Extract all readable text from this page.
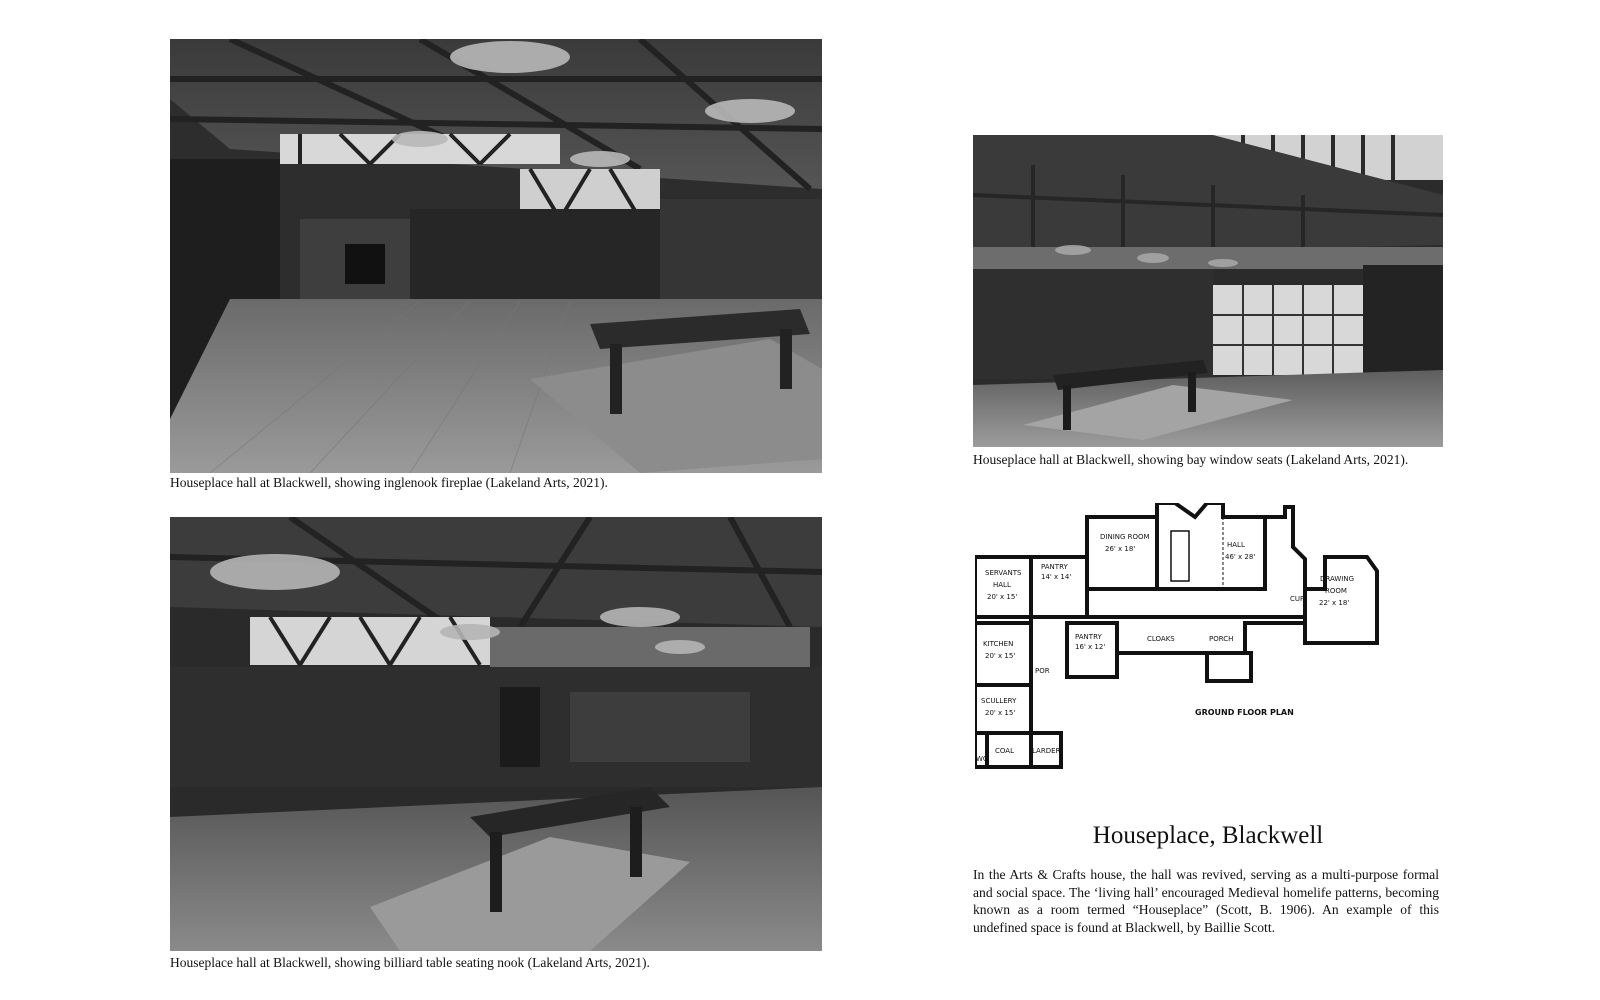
Houseplace hall at Blackwell, showing inglenook fireplae (Lakeland Arts, 2021).
Houseplace hall at Blackwell, showing billiard table seating nook (Lakeland Arts, 2021).
Houseplace hall at Blackwell, showing bay window seats (Lakeland Arts, 2021).
DINING ROOM
26' x 18'	HALL
46' x 28'
SERVANTS
HALL
20' x 15'
PANTRY
14' x 14'	DRAWING
ROOM
22' x 18'
KITCHEN
20' x 15'
PANTRY
16' x 12'
CLOAKS	PORCH
SCULLERY
20' x 15'
COAL	LARDER
WC
POR
CUP
GROUND FLOOR PLAN
Houseplace, Blackwell

In the Arts & Crafts house, the hall was revived, serving as a multi-purpose formal and social space. The ‘living hall’ encouraged Medieval homelife patterns, becoming known as a room termed “Houseplace” (Scott, B. 1906). An example of this undefined space is found at Blackwell, by Baillie Scott.
